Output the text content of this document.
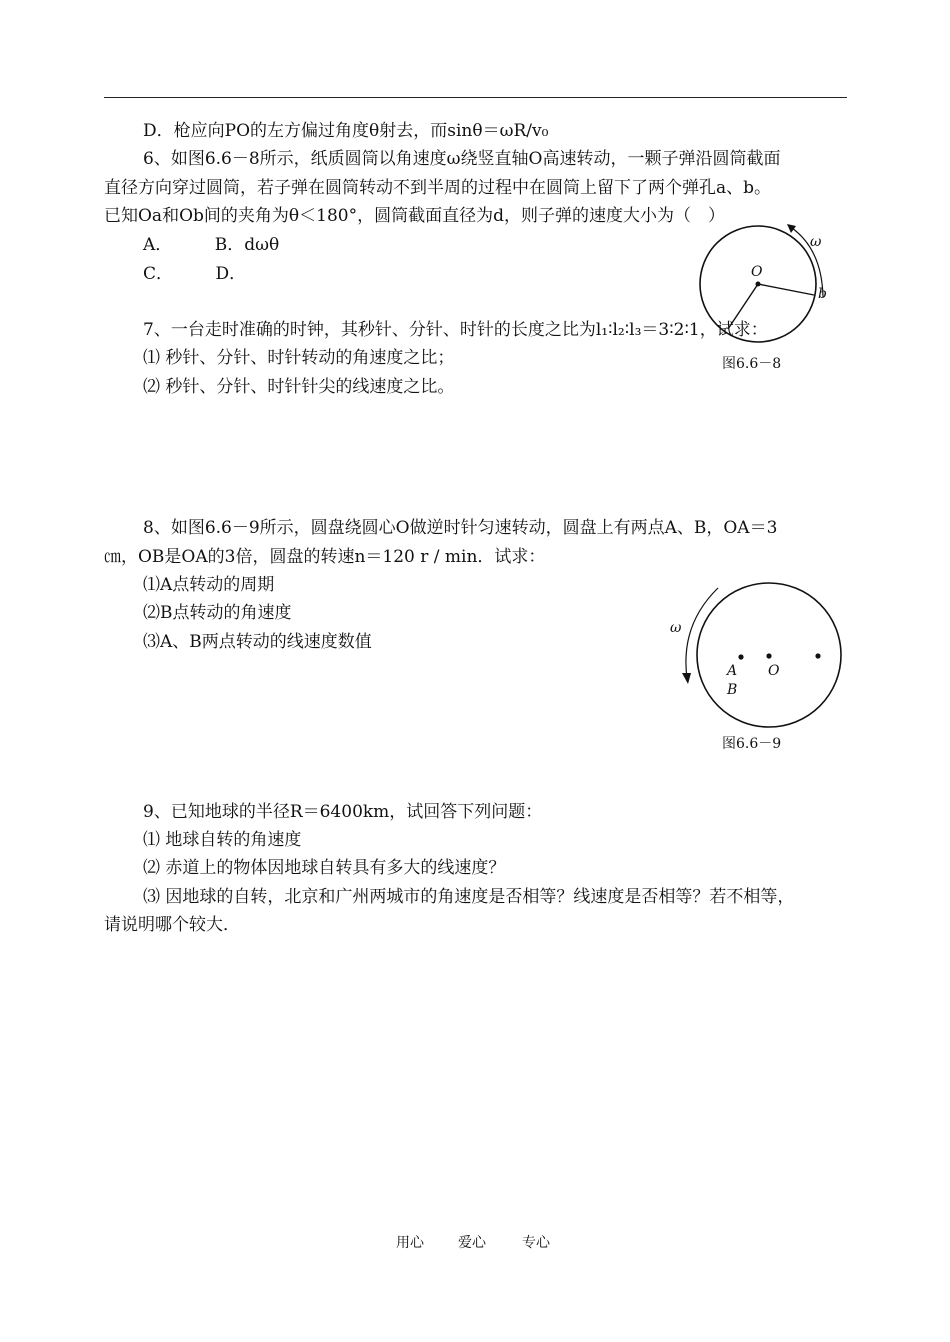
D．枪应向PO的左方偏过角度θ射去，而sinθ＝ωR/v₀
6、如图6.6－8所示，纸质圆筒以角速度ω绕竖直轴O高速转动，一颗子弹沿圆筒截面
直径方向穿过圆筒，若子弹在圆筒转动不到半周的过程中在圆筒上留下了两个弹孔a、b。
已知Oa和Ob间的夹角为θ＜180°，圆筒截面直径为d，则子弹的速度大小为（　）
A．　　　B．dωθ
C．　　　D．
ω
O
b
图6.6－8
7、一台走时准确的时钟，其秒针、分针、时针的长度之比为l₁∶l₂∶l₃＝3∶2∶1，试求：
⑴ 秒针、分针、时针转动的角速度之比；
⑵ 秒针、分针、时针针尖的线速度之比。
8、如图6.6－9所示，圆盘绕圆心O做逆时针匀速转动，圆盘上有两点A、B，OA＝3
㎝，OB是OA的3倍，圆盘的转速n＝120 r / min．试求：
⑴A点转动的周期
⑵B点转动的角速度
⑶A、B两点转动的线速度数值
ω
A O
B
图6.6－9
9、已知地球的半径R＝6400km，试回答下列问题：
⑴ 地球自转的角速度
⑵ 赤道上的物体因地球自转具有多大的线速度？
⑶ 因地球的自转，北京和广州两城市的角速度是否相等？线速度是否相等？若不相等，
请说明哪个较大．
用心 爱心	专心
